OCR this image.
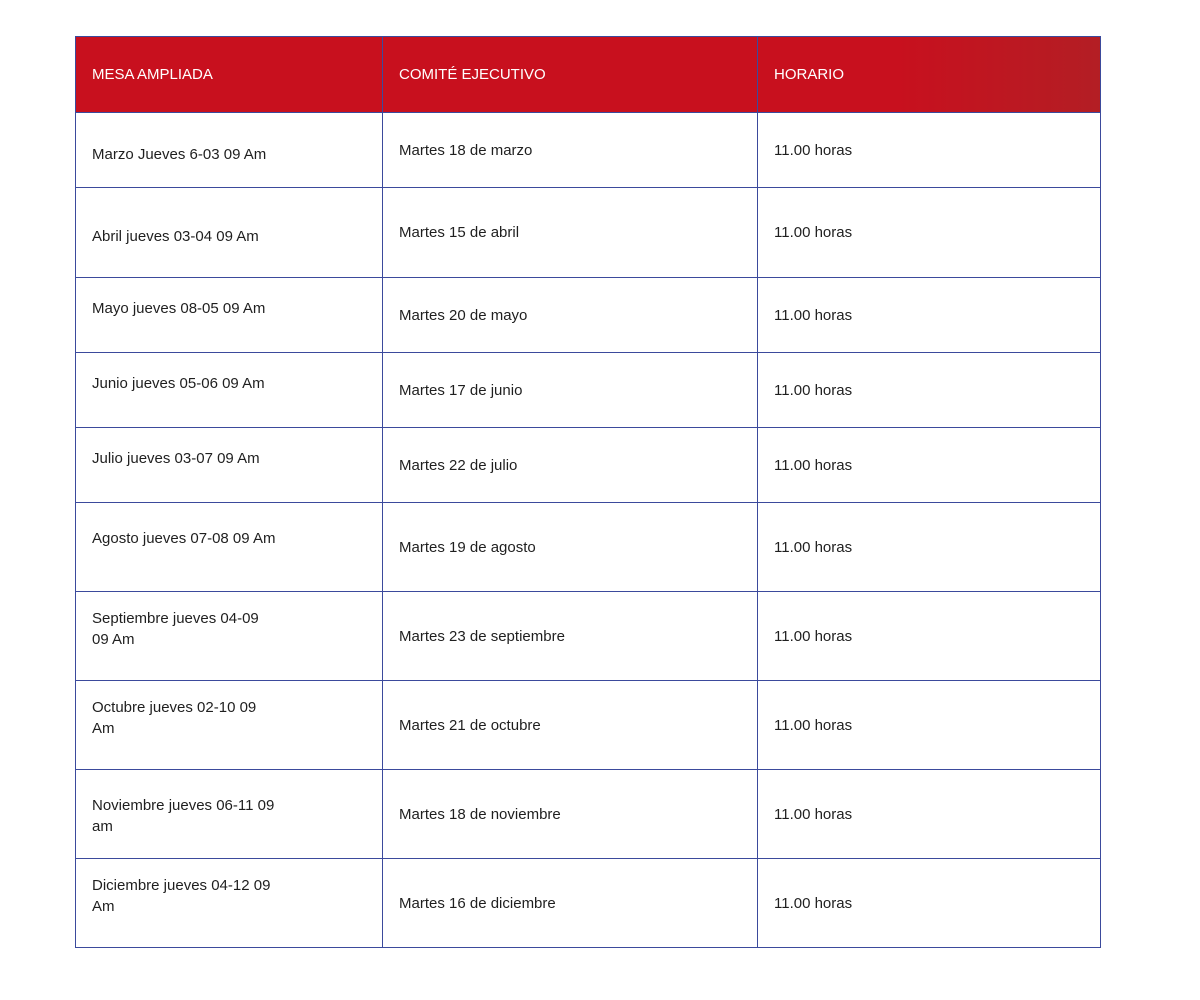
MESA AMPLIADA	COMITÉ EJECUTIVO	HORARIO

Marzo Jueves 6-03 09 Am	Martes 18 de marzo	11.00 horas

Abril jueves 03-04 09 Am	Martes 15 de abril	11.00 horas

Mayo jueves 08-05 09 Am	Martes 20 de mayo	11.00 horas

Junio jueves 05-06 09 Am	Martes 17 de junio	11.00 horas

Julio jueves 03-07 09 Am	Martes 22 de julio	11.00 horas

Agosto jueves 07-08 09 Am	Martes 19 de agosto	11.00 horas

Septiembre jueves 04-09 09 Am	Martes 23 de septiembre	11.00 horas

Octubre jueves 02-10 09 Am	Martes 21 de octubre	11.00 horas

Noviembre jueves 06-11 09 am	Martes 18 de noviembre	11.00 horas

Diciembre jueves 04-12 09 Am	Martes 16 de diciembre	11.00 horas
